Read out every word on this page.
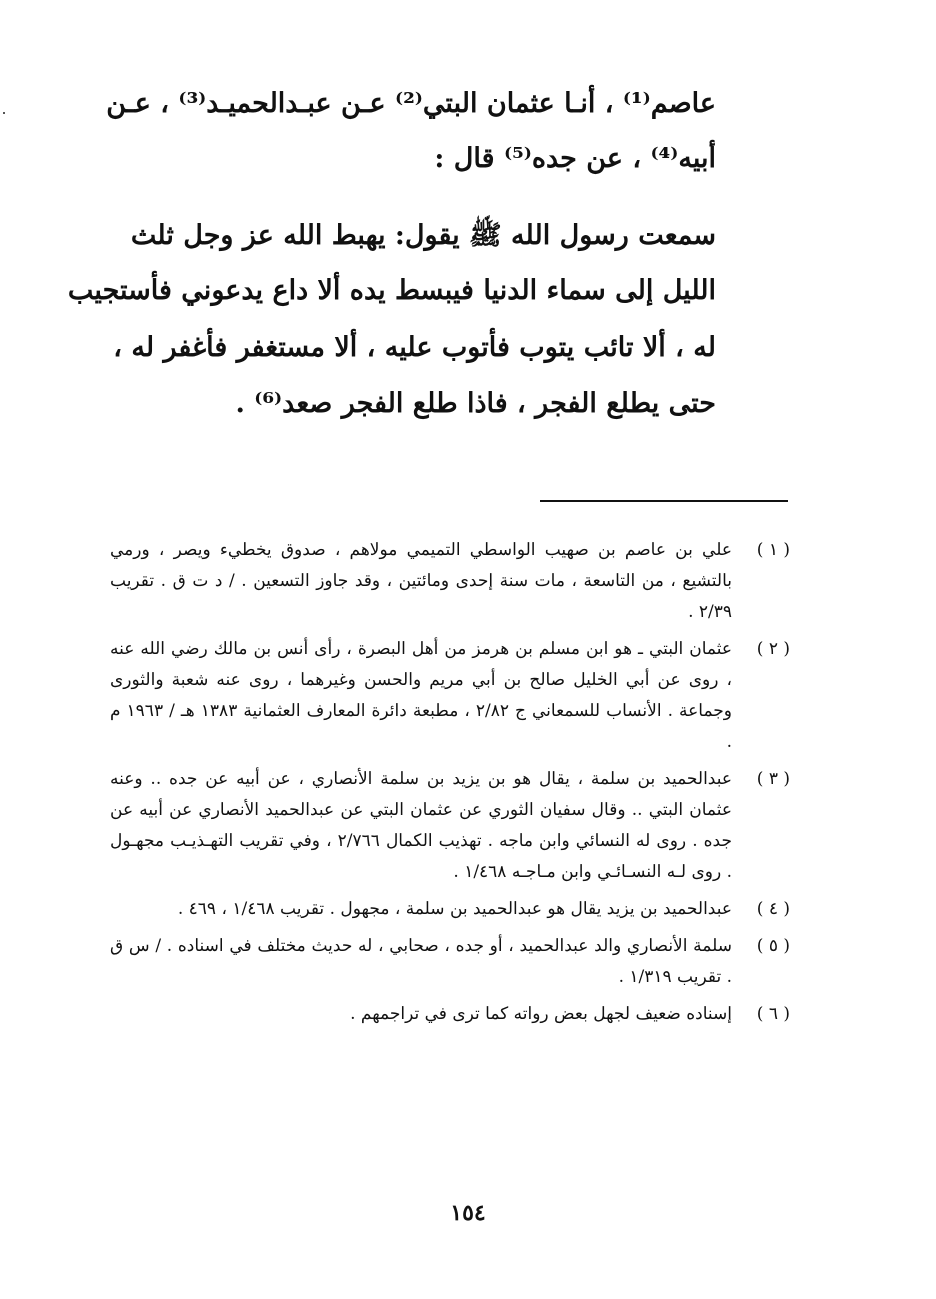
عاصم⁽¹⁾ ، أنـا عثمان البتي⁽²⁾ عـن عبـدالحميـد⁽³⁾ ، عـن
أبيه⁽⁴⁾ ، عن جده⁽⁵⁾ قال :
سمعت رسول الله ﷺ يقول: يهبط الله عز وجل ثلث
الليل إلى سماء الدنيا فيبسط يده ألا داع يدعوني فأستجيب
له ، ألا تائب يتوب فأتوب عليه ، ألا مستغفر فأغفر له ،
حتى يطلع الفجر ، فاذا طلع الفجر صعد⁽⁶⁾ .
( ١ )
علي بن عاصم بن صهيب الواسطي التميمي مولاهم ، صدوق يخطيء ويصر ، ورمي بالتشيع ، من التاسعة ، مات سنة إحدى ومائتين ، وقد جاوز التسعين . / د ت ق . تقريب ٢/٣٩ .
( ٢ )
عثمان البتي ـ هو ابن مسلم بن هرمز من أهل البصرة ، رأى أنس بن مالك رضي الله عنه ، روى عن أبي الخليل صالح بن أبي مريم والحسن وغيرهما ، روى عنه شعبة والثورى وجماعة . الأنساب للسمعاني ج ٢/٨٢ ، مطبعة دائرة المعارف العثمانية ١٣٨٣ هـ / ١٩٦٣ م .
( ٣ )
عبدالحميد بن سلمة ، يقال هو بن يزيد بن سلمة الأنصاري ، عن أبيه عن جده .. وعنه عثمان البتي .. وقال سفيان الثوري عن عثمان البتي عن عبدالحميد الأنصاري عن أبيه عن جده . روى له النسائي وابن ماجه . تهذيب الكمال ٢/٧٦٦ ، وفي تقريب التهـذيـب مجهـول . روى لـه النسـائـي وابن مـاجـه ١/٤٦٨ .
( ٤ )
عبدالحميد بن يزيد يقال هو عبدالحميد بن سلمة ، مجهول . تقريب ١/٤٦٨ ، ٤٦٩ .
( ٥ )
سلمة الأنصاري والد عبدالحميد ، أو جده ، صحابي ، له حديث مختلف في اسناده . / س ق . تقريب ١/٣١٩ .
( ٦ )
إسناده ضعيف لجهل بعض رواته كما ترى في تراجمهم .
١٥٤
